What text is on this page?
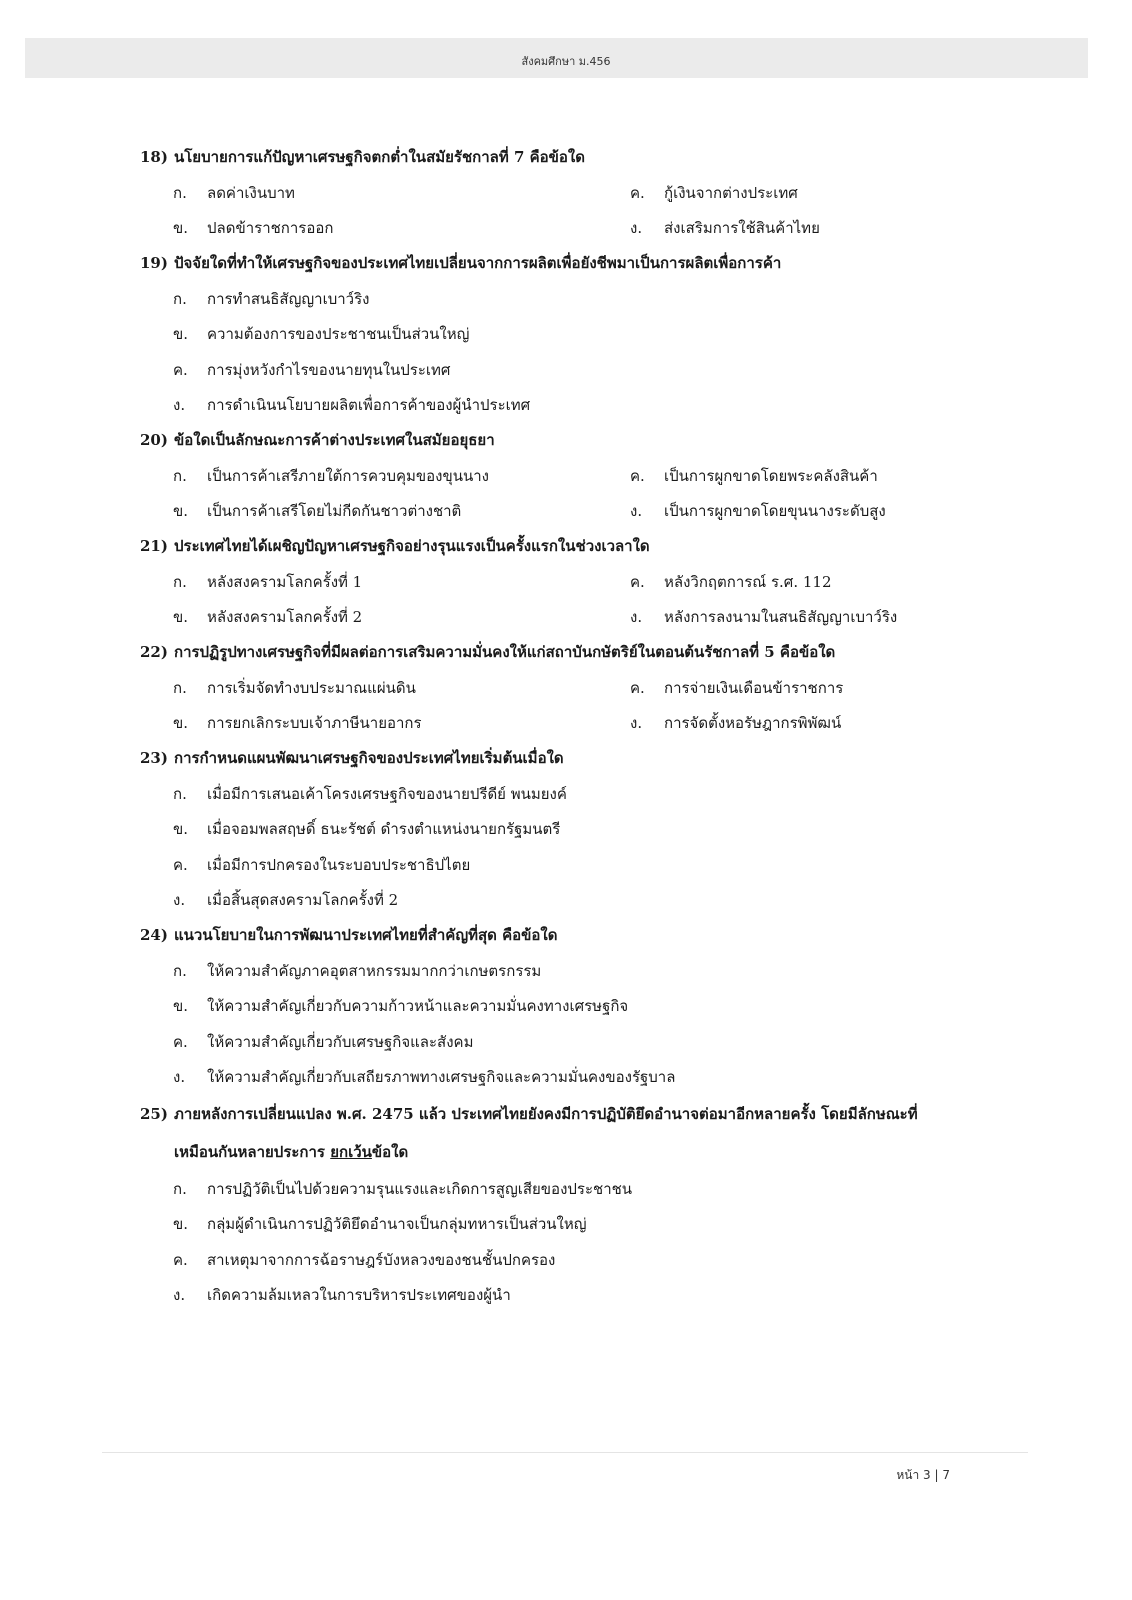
สังคมศึกษา ม.456
18) นโยบายการแก้ปัญหาเศรษฐกิจตกต่ำในสมัยรัชกาลที่ 7 คือข้อใด
ก.	ลดค่าเงินบาท	ค.	กู้เงินจากต่างประเทศ
ข.	ปลดข้าราชการออก	ง.	ส่งเสริมการใช้สินค้าไทย
19) ปัจจัยใดที่ทำให้เศรษฐกิจของประเทศไทยเปลี่ยนจากการผลิตเพื่อยังชีพมาเป็นการผลิตเพื่อการค้า
ก.	การทำสนธิสัญญาเบาว์ริง
ข.	ความต้องการของประชาชนเป็นส่วนใหญ่
ค.	การมุ่งหวังกำไรของนายทุนในประเทศ
ง.	การดำเนินนโยบายผลิตเพื่อการค้าของผู้นำประเทศ
20) ข้อใดเป็นลักษณะการค้าต่างประเทศในสมัยอยุธยา
ก.	เป็นการค้าเสรีภายใต้การควบคุมของขุนนาง	ค.	เป็นการผูกขาดโดยพระคลังสินค้า
ข.	เป็นการค้าเสรีโดยไม่กีดกันชาวต่างชาติ	ง.	เป็นการผูกขาดโดยขุนนางระดับสูง
21) ประเทศไทยได้เผชิญปัญหาเศรษฐกิจอย่างรุนแรงเป็นครั้งแรกในช่วงเวลาใด
ก.	หลังสงครามโลกครั้งที่ 1	ค.	หลังวิกฤตการณ์ ร.ศ. 112
ข.	หลังสงครามโลกครั้งที่ 2	ง.	หลังการลงนามในสนธิสัญญาเบาว์ริง
22) การปฏิรูปทางเศรษฐกิจที่มีผลต่อการเสริมความมั่นคงให้แก่สถาบันกษัตริย์ในตอนต้นรัชกาลที่ 5 คือข้อใด
ก.	การเริ่มจัดทำงบประมาณแผ่นดิน	ค.	การจ่ายเงินเดือนข้าราชการ
ข.	การยกเลิกระบบเจ้าภาษีนายอากร	ง.	การจัดตั้งหอรัษฎากรพิพัฒน์
23) การกำหนดแผนพัฒนาเศรษฐกิจของประเทศไทยเริ่มต้นเมื่อใด
ก.	เมื่อมีการเสนอเค้าโครงเศรษฐกิจของนายปรีดีย์ พนมยงค์
ข.	เมื่อจอมพลสฤษดิ์ ธนะรัชต์ ดำรงตำแหน่งนายกรัฐมนตรี
ค.	เมื่อมีการปกครองในระบอบประชาธิปไตย
ง.	เมื่อสิ้นสุดสงครามโลกครั้งที่ 2
24) แนวนโยบายในการพัฒนาประเทศไทยที่สำคัญที่สุด คือข้อใด
ก.	ให้ความสำคัญภาคอุตสาหกรรมมากกว่าเกษตรกรรม
ข.	ให้ความสำคัญเกี่ยวกับความก้าวหน้าและความมั่นคงทางเศรษฐกิจ
ค.	ให้ความสำคัญเกี่ยวกับเศรษฐกิจและสังคม
ง.	ให้ความสำคัญเกี่ยวกับเสถียรภาพทางเศรษฐกิจและความมั่นคงของรัฐบาล
25) ภายหลังการเปลี่ยนแปลง พ.ศ. 2475 แล้ว ประเทศไทยยังคงมีการปฏิบัติยึดอำนาจต่อมาอีกหลายครั้ง โดยมีลักษณะที่
เหมือนกันหลายประการ ยกเว้นข้อใด
ก.	การปฏิวัติเป็นไปด้วยความรุนแรงและเกิดการสูญเสียของประชาชน
ข.	กลุ่มผู้ดำเนินการปฏิวัติยึดอำนาจเป็นกลุ่มทหารเป็นส่วนใหญ่
ค.	สาเหตุมาจากการฉ้อราษฎร์บังหลวงของชนชั้นปกครอง
ง.	เกิดความล้มเหลวในการบริหารประเทศของผู้นำ
หน้า 3 | 7
